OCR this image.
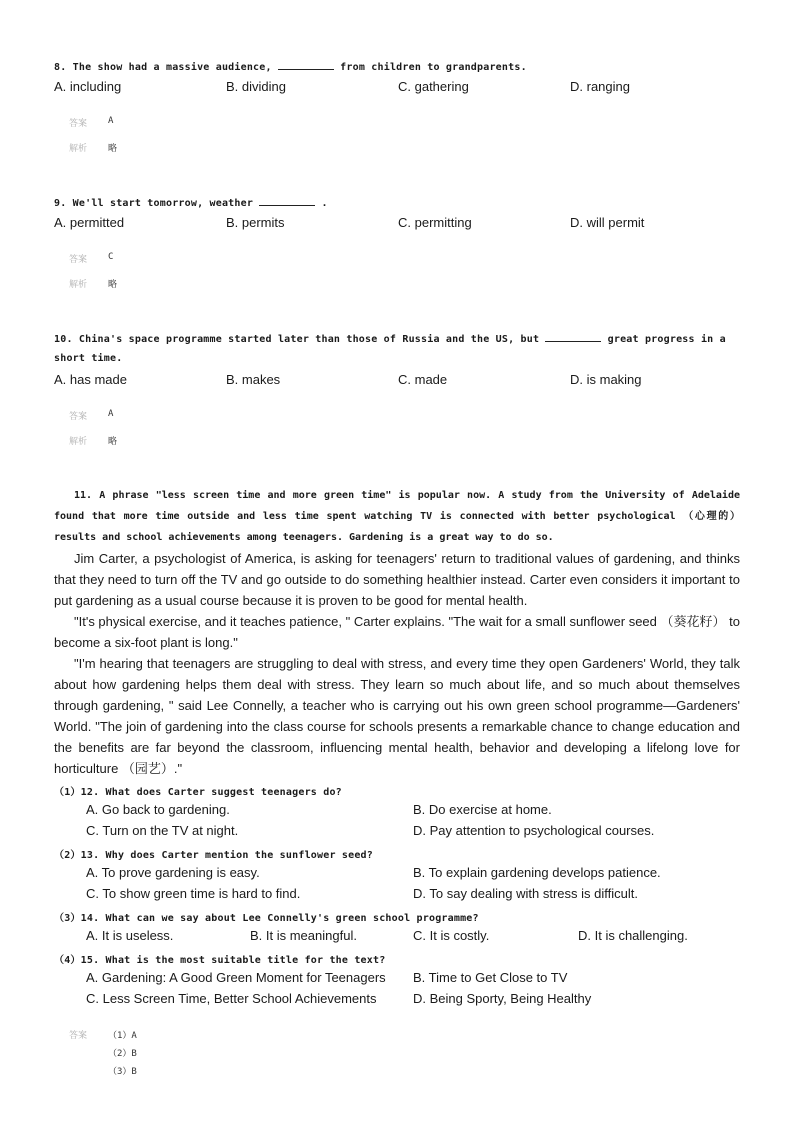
8. The show had a massive audience,	from children to grandparents.
A. including	B. dividing	C. gathering	D. ranging
答案 A
解析 略
9. We'll start tomorrow, weather	.
A. permitted	B. permits	C. permitting	D. will permit
答案 C
解析 略
10. China's space programme started later than those of Russia and the US, but	great progress in a
short time.
A. has made	B. makes	C. made	D. is making
答案 A
解析 略
11. A phrase "less screen time and more green time" is popular now. A study from the University of Adelaide found that more time outside and less time spent watching TV is connected with better psychological （心理的） results and school achievements among teenagers. Gardening is a great way to do so.
Jim Carter, a psychologist of America, is asking for teenagers' return to traditional values of gardening, and thinks that they need to turn off the TV and go outside to do something healthier instead. Carter even considers it important to put gardening as a usual course because it is proven to be good for mental health.
"It's physical exercise, and it teaches patience, " Carter explains. "The wait for a small sunflower seed （葵花籽） to become a six-foot plant is long."
"I'm hearing that teenagers are struggling to deal with stress, and every time they open Gardeners' World, they talk about how gardening helps them deal with stress. They learn so much about life, and so much about themselves through gardening, " said Lee Connelly, a teacher who is carrying out his own green school programme—Gardeners' World. "The join of gardening into the class course for schools presents a remarkable chance to change education and the benefits are far beyond the classroom, influencing mental health, behavior and developing a lifelong love for horticulture （园艺）."
（1）12. What does Carter suggest teenagers do?
A. Go back to gardening.	B. Do exercise at home.
C. Turn on the TV at night.	D. Pay attention to psychological courses.
（2）13. Why does Carter mention the sunflower seed?
A. To prove gardening is easy.	B. To explain gardening develops patience.
C. To show green time is hard to find.	D. To say dealing with stress is difficult.
（3）14. What can we say about Lee Connelly's green school programme?
A. It is useless.	B. It is meaningful.	C. It is costly.	D. It is challenging.
（4）15. What is the most suitable title for the text?
A. Gardening: A Good Green Moment for Teenagers B. Time to Get Close to TV
C. Less Screen Time, Better School Achievements	D. Being Sporty, Being Healthy
答案 （1）A
（2）B
（3）B
